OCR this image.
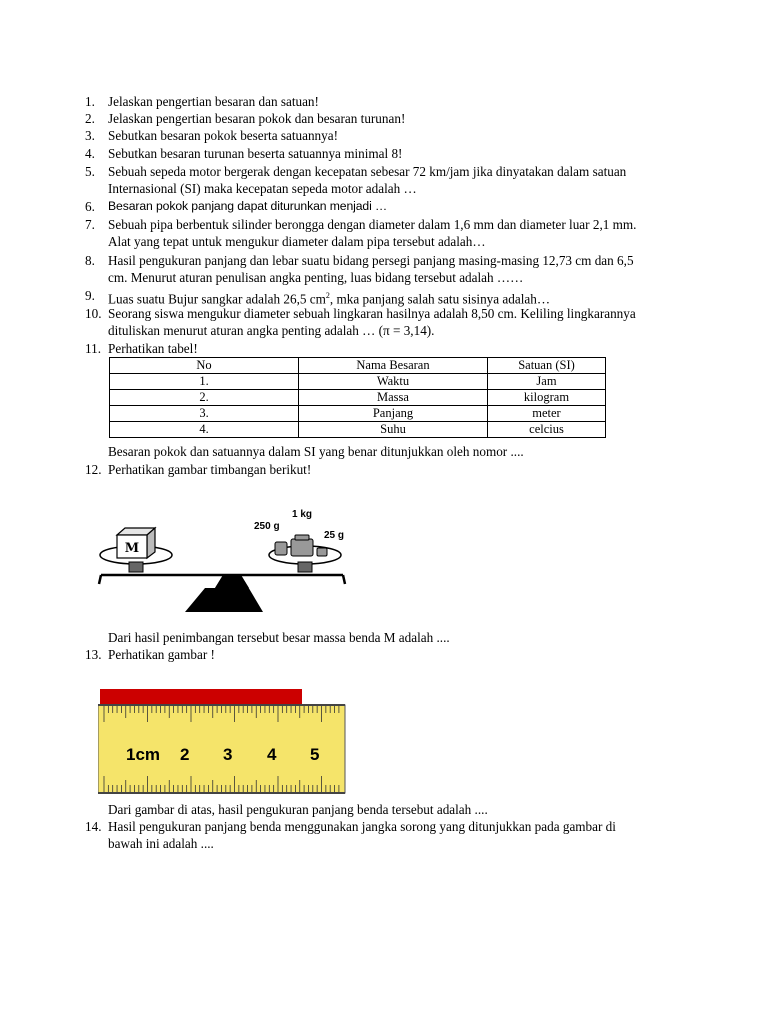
1. Jelaskan pengertian besaran dan satuan!
2. Jelaskan pengertian besaran pokok dan besaran turunan!
3. Sebutkan besaran pokok beserta satuannya!
4. Sebutkan besaran turunan beserta satuannya minimal 8!
5. Sebuah sepeda motor bergerak dengan kecepatan sebesar 72 km/jam jika dinyatakan dalam satuan
Internasional (SI) maka kecepatan sepeda motor adalah …
6.	Besaran pokok panjang dapat diturunkan menjadi …
7. Sebuah pipa berbentuk silinder berongga dengan diameter dalam 1,6 mm dan diameter luar 2,1 mm.
Alat yang tepat untuk mengukur diameter dalam pipa tersebut adalah…
8. Hasil pengukuran panjang dan lebar suatu bidang persegi panjang masing-masing 12,73 cm dan 6,5
cm. Menurut aturan penulisan angka penting, luas bidang tersebut adalah ……
9. Luas suatu Bujur sangkar adalah 26,5 $cm^2$, mka panjang salah satu sisinya adalah…
10. Seorang siswa mengukur diameter sebuah lingkaran hasilnya adalah 8,50 cm. Keliling lingkarannya
dituliskan menurut aturan angka penting adalah … (π = 3,14).
11. Perhatikan tabel!
No	Nama Besaran	Satuan (SI)
1.	Waktu	Jam
2.	Massa	kilogram
3.	Panjang	meter
4.	Suhu	celcius
Besaran pokok dan satuannya dalam SI yang benar ditunjukkan oleh nomor ....
12. Perhatikan gambar timbangan berikut!
M
1 kg
250 g
25 g
Dari hasil penimbangan tersebut besar massa benda M adalah ....
13. Perhatikan gambar !
1cm 2 3 4 5
Dari gambar di atas, hasil pengukuran panjang benda tersebut adalah ....
14. Hasil pengukuran panjang benda menggunakan jangka sorong yang ditunjukkan pada gambar di
bawah ini adalah ....
